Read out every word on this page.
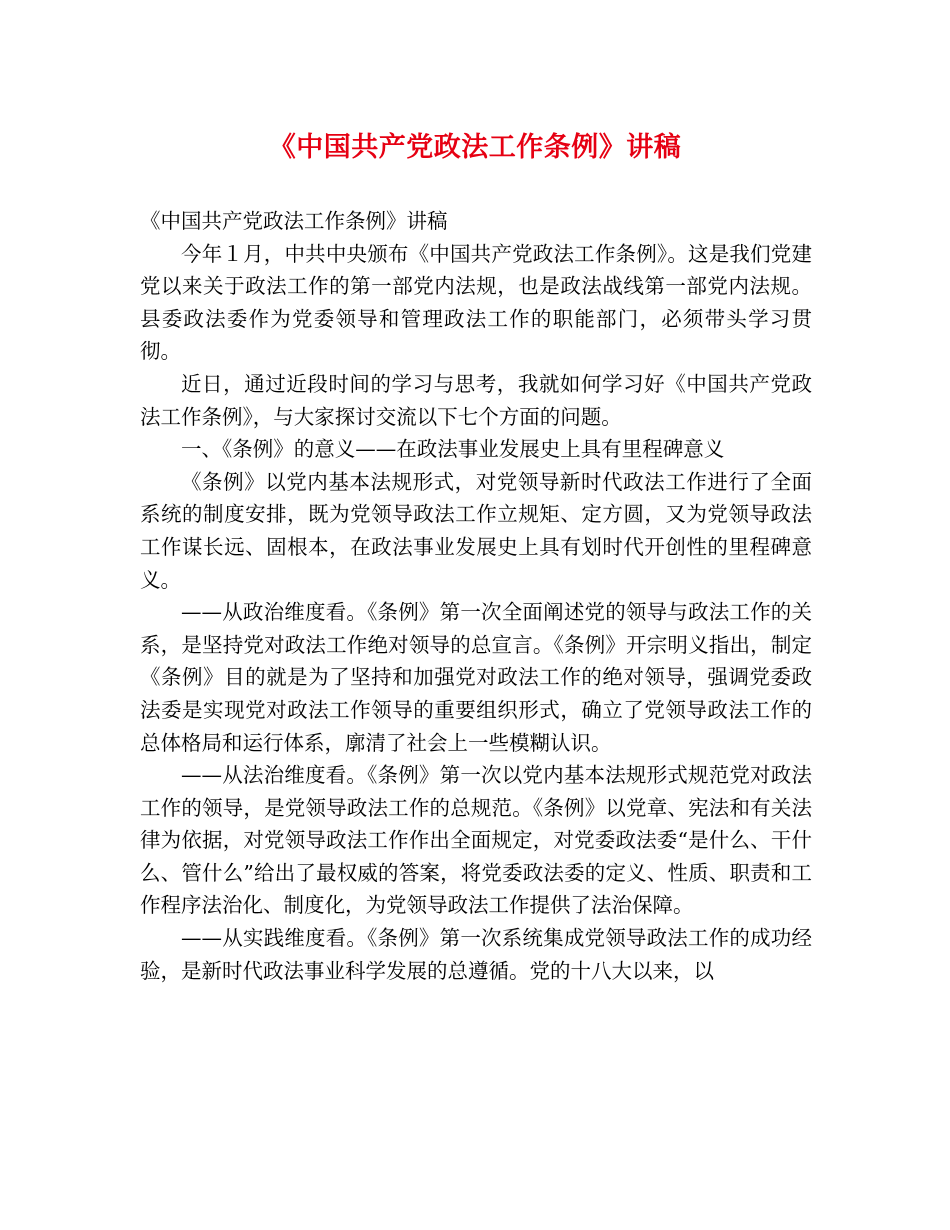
《中国共产党政法工作条例》讲稿

《中国共产党政法工作条例》讲稿

今年１月，中共中央颁布《中国共产党政法工作条例》。这是我们党建党以来关于政法工作的第一部党内法规，也是政法战线第一部党内法规。县委政法委作为党委领导和管理政法工作的职能部门，必须带头学习贯彻。

近日，通过近段时间的学习与思考，我就如何学习好《中国共产党政法工作条例》，与大家探讨交流以下七个方面的问题。

一、《条例》的意义——在政法事业发展史上具有里程碑意义

《条例》以党内基本法规形式，对党领导新时代政法工作进行了全面系统的制度安排，既为党领导政法工作立规矩、定方圆，又为党领导政法工作谋长远、固根本，在政法事业发展史上具有划时代开创性的里程碑意义。

——从政治维度看。《条例》第一次全面阐述党的领导与政法工作的关系，是坚持党对政法工作绝对领导的总宣言。《条例》开宗明义指出，制定《条例》目的就是为了坚持和加强党对政法工作的绝对领导，强调党委政法委是实现党对政法工作领导的重要组织形式，确立了党领导政法工作的总体格局和运行体系，廓清了社会上一些模糊认识。

——从法治维度看。《条例》第一次以党内基本法规形式规范党对政法工作的领导，是党领导政法工作的总规范。《条例》以党章、宪法和有关法律为依据，对党领导政法工作作出全面规定，对党委政法委“是什么、干什么、管什么”给出了最权威的答案，将党委政法委的定义、性质、职责和工作程序法治化、制度化，为党领导政法工作提供了法治保障。

——从实践维度看。《条例》第一次系统集成党领导政法工作的成功经验，是新时代政法事业科学发展的总遵循。党的十八大以来，以
